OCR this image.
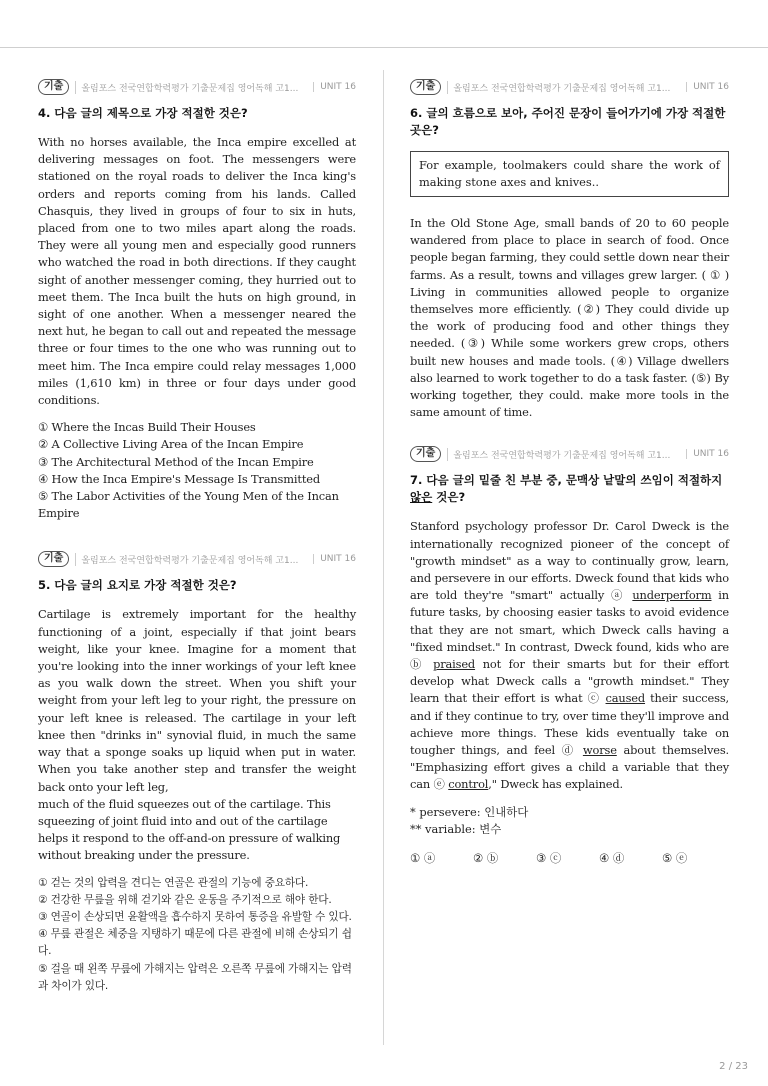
기출	올림포스 전국연합학력평가 기출문제집 영어독해 고1...	UNIT 16

4. 다음 글의 제목으로 가장 적절한 것은?

With no horses available, the Inca empire excelled at delivering messages on foot. The messengers were stationed on the royal roads to deliver the Inca king's orders and reports coming from his lands. Called Chasquis, they lived in groups of four to six in huts, placed from one to two miles apart along the roads. They were all young men and especially good runners who watched the road in both directions. If they caught sight of another messenger coming, they hurried out to meet them. The Inca built the huts on high ground, in sight of one another. When a messenger neared the next hut, he began to call out and repeated the message three or four times to the one who was running out to meet him. The Inca empire could relay messages 1,000 miles (1,610 km) in three or four days under good conditions.

① Where the Incas Build Their Houses

② A Collective Living Area of the Incan Empire

③ The Architectural Method of the Incan Empire

④ How the Inca Empire's Message Is Transmitted

⑤ The Labor Activities of the Young Men of the Incan Empire

기출	올림포스 전국연합학력평가 기출문제집 영어독해 고1...	UNIT 16

5. 다음 글의 요지로 가장 적절한 것은?

Cartilage is extremely important for the healthy functioning of a joint, especially if that joint bears weight, like your knee. Imagine for a moment that you're looking into the inner workings of your left knee as you walk down the street. When you shift your weight from your left leg to your right, the pressure on your left knee is released. The cartilage in your left knee then "drinks in" synovial fluid, in much the same way that a sponge soaks up liquid when put in water. When you take another step and transfer the weight back onto your left leg,

much of the fluid squeezes out of the cartilage. This squeezing of joint fluid into and out of the cartilage helps it respond to the off-and-on pressure of walking without breaking under the pressure.

① 걷는 것의 압력을 견디는 연골은 관절의 기능에 중요하다.

② 건강한 무릎을 위해 걷기와 같은 운동을 주기적으로 해야 한다.

③ 연골이 손상되면 윤활액을 흡수하지 못하여 통증을 유발할 수 있다.

④ 무릎 관절은 체중을 지탱하기 때문에 다른 관절에 비해 손상되기 쉽다.

⑤ 걸을 때 왼쪽 무릎에 가해지는 압력은 오른쪽 무릎에 가해지는 압력과 차이가 있다.

기출	올림포스 전국연합학력평가 기출문제집 영어독해 고1...	UNIT 16

6. 글의 흐름으로 보아, 주어진 문장이 들어가기에 가장 적절한 곳은?

For example, toolmakers could share the work of making stone axes and knives..

In the Old Stone Age, small bands of 20 to 60 people wandered from place to place in search of food. Once people began farming, they could settle down near their farms. As a result, towns and villages grew larger. ( ① ) Living in communities allowed people to organize themselves more efficiently. (②) They could divide up the work of producing food and other things they needed. (③) While some workers grew crops, others built new houses and made tools. (④) Village dwellers also learned to work together to do a task faster. (⑤) By working together, they could. make more tools in the same amount of time.

기출	올림포스 전국연합학력평가 기출문제집 영어독해 고1...	UNIT 16

7. 다음 글의 밑줄 친 부분 중, 문맥상 낱말의 쓰임이 적절하지 않은 것은?

Stanford psychology professor Dr. Carol Dweck is the internationally recognized pioneer of the concept of "growth mindset" as a way to continually grow, learn, and persevere in our efforts. Dweck found that kids who are told they're "smart" actually ⓐ underperform in future tasks, by choosing easier tasks to avoid evidence that they are not smart, which Dweck calls having a "fixed mindset." In contrast, Dweck found, kids who are ⓑ praised not for their smarts but for their effort develop what Dweck calls a "growth mindset." They learn that their effort is what ⓒ caused their success, and if they continue to try, over time they'll improve and achieve more things. These kids eventually take on tougher things, and feel ⓓ worse about themselves. "Emphasizing effort gives a child a variable that they can ⓔ control," Dweck has explained.

* persevere: 인내하다
** variable: 변수
① ⓐ	② ⓑ	③ ⓒ	④ ⓓ	⑤ ⓔ
2 / 23
